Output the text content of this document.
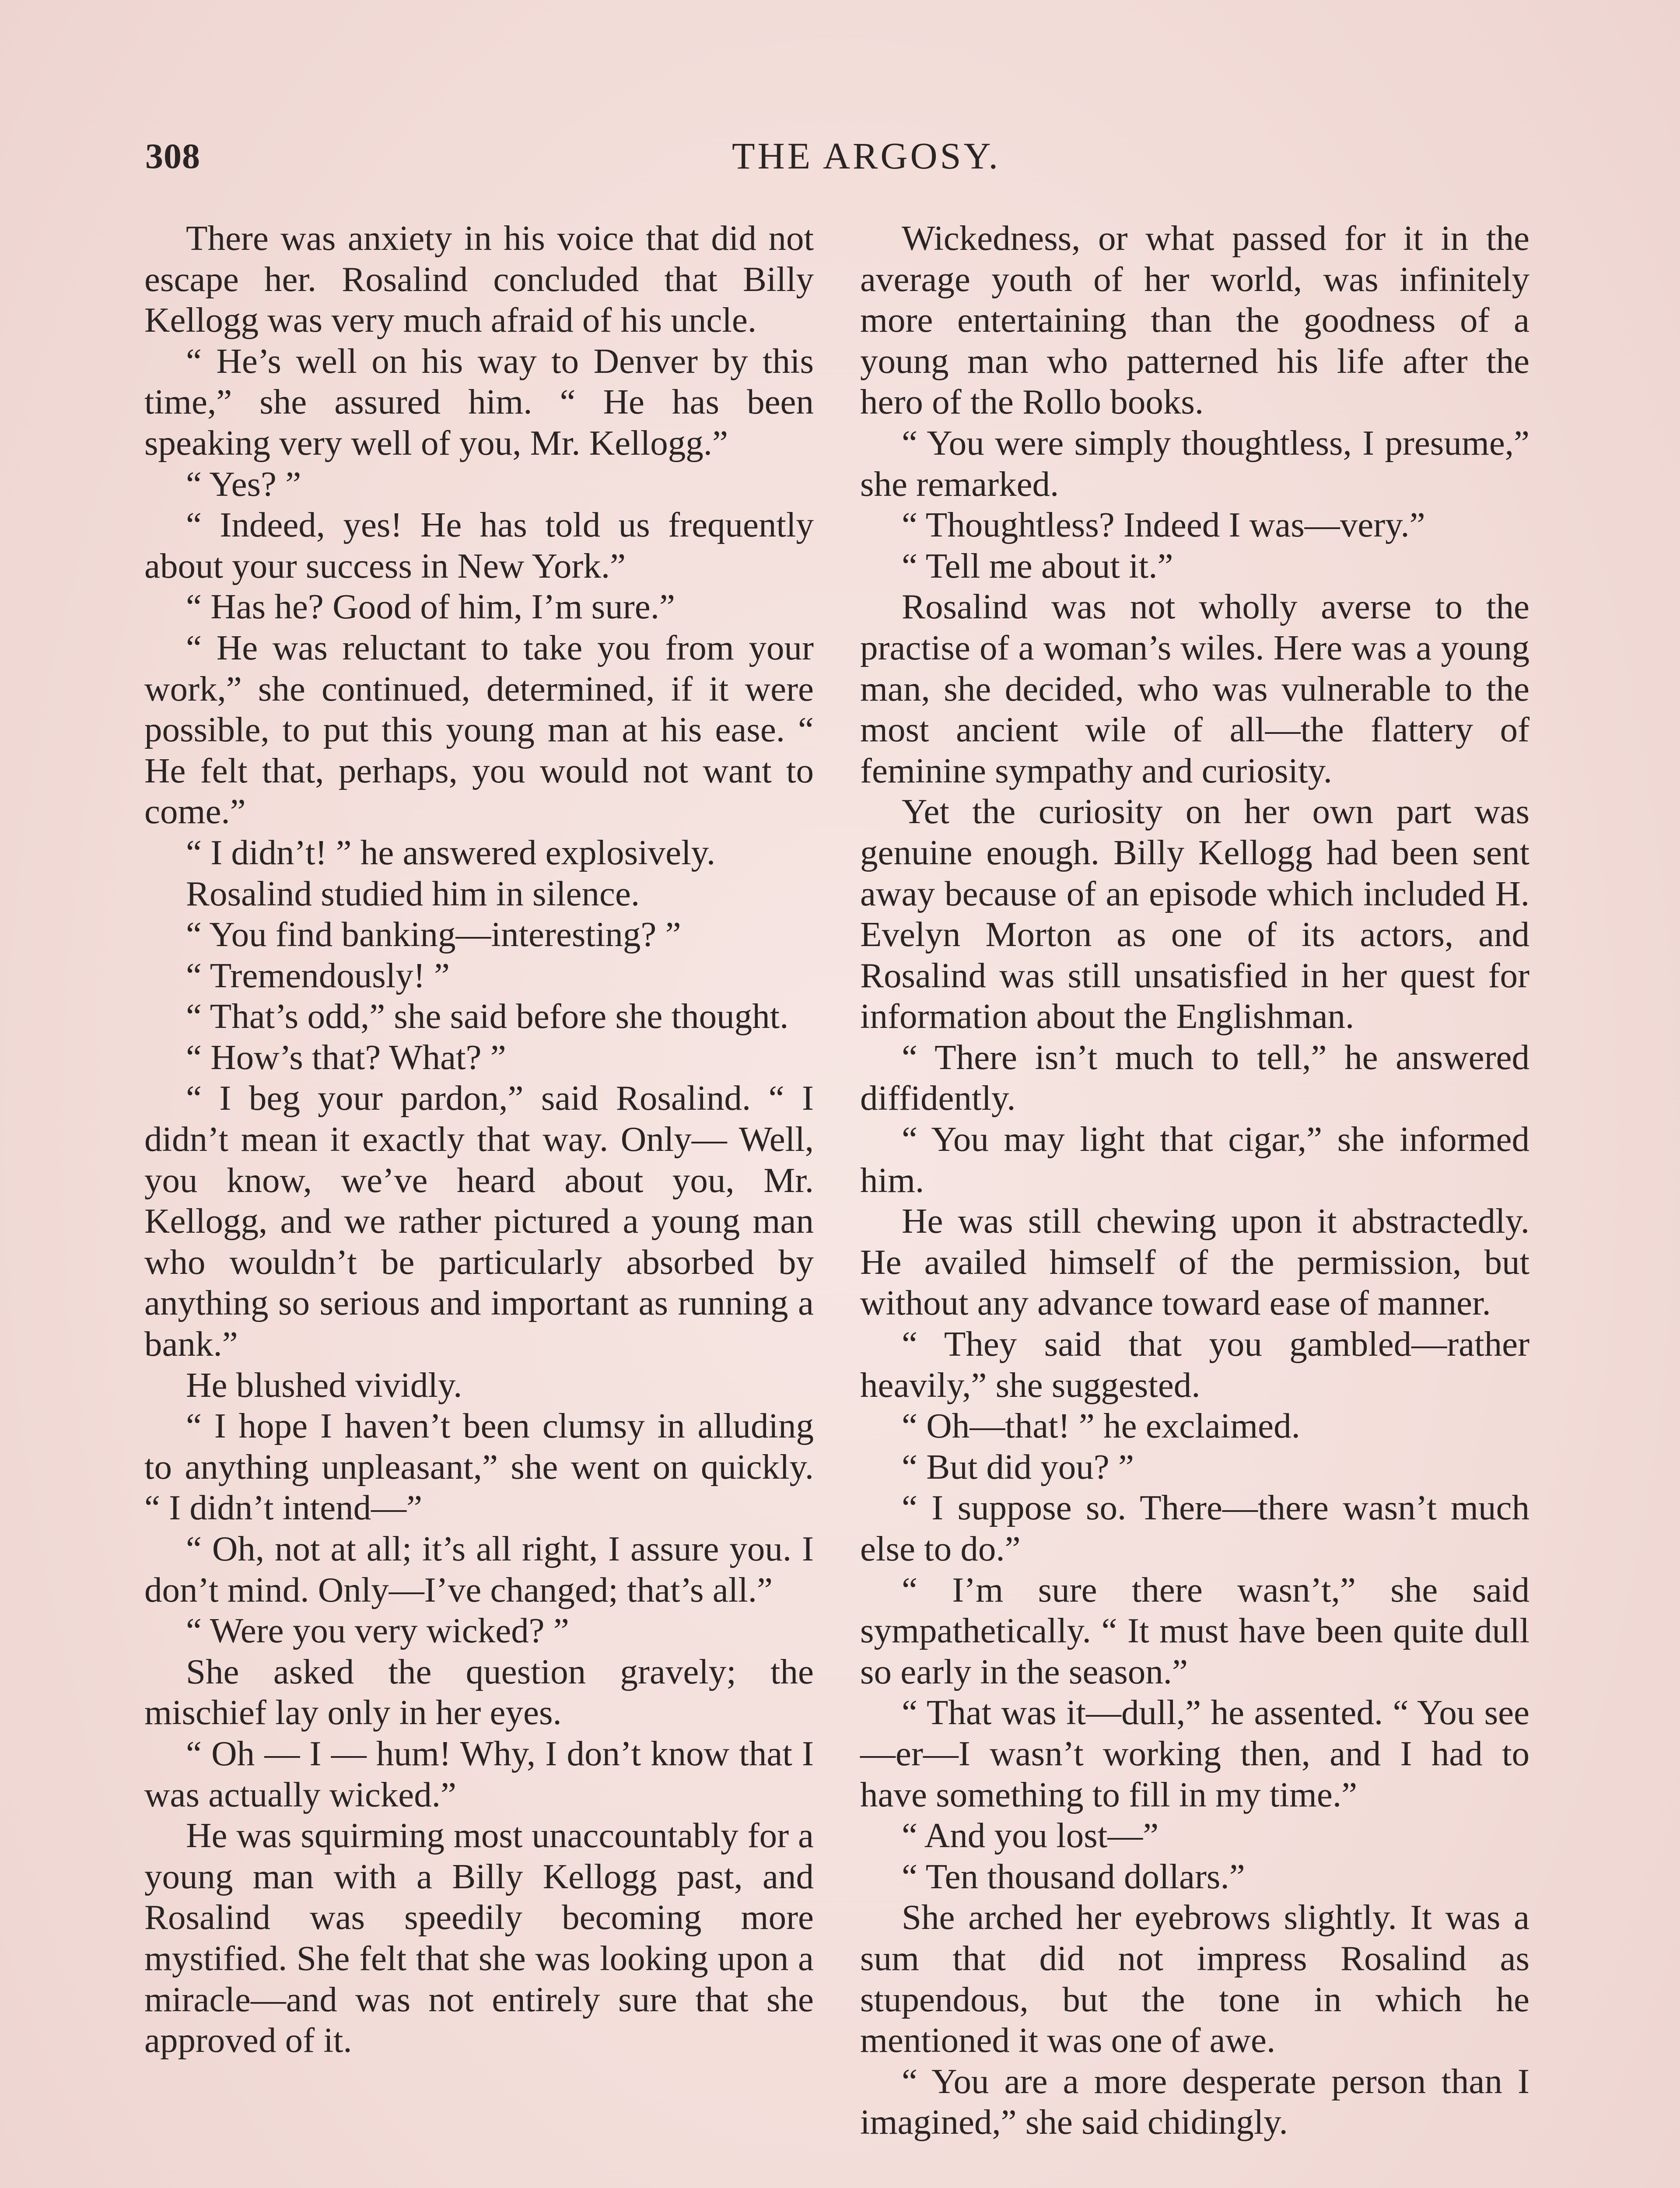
308	THE ARGOSY.

There was anxiety in his voice that did not escape her. Rosalind concluded that Billy Kellogg was very much afraid of his uncle.

“ He’s well on his way to Denver by this time,” she assured him. “ He has been speaking very well of you, Mr. Kellogg.”

“ Yes? ”

“ Indeed, yes! He has told us frequently about your success in New York.”

“ Has he? Good of him, I’m sure.”

“ He was reluctant to take you from your work,” she continued, determined, if it were possible, to put this young man at his ease. “ He felt that, perhaps, you would not want to come.”

“ I didn’t! ” he answered explosively.

Rosalind studied him in silence.

“ You find banking—interesting? ”

“ Tremendously! ”

“ That’s odd,” she said before she thought.

“ How’s that? What? ”

“ I beg your pardon,” said Rosalind. “ I didn’t mean it exactly that way. Only— Well, you know, we’ve heard about you, Mr. Kellogg, and we rather pictured a young man who wouldn’t be particularly absorbed by anything so serious and important as running a bank.”

He blushed vividly.

“ I hope I haven’t been clumsy in alluding to anything unpleasant,” she went on quickly. “ I didn’t intend—”

“ Oh, not at all; it’s all right, I assure you. I don’t mind. Only—I’ve changed; that’s all.”

“ Were you very wicked? ”

She asked the question gravely; the mischief lay only in her eyes.

“ Oh — I — hum! Why, I don’t know that I was actually wicked.”

He was squirming most unaccountably for a young man with a Billy Kellogg past, and Rosalind was speedily becoming more mystified. She felt that she was looking upon a miracle—and was not entirely sure that she approved of it.

Wickedness, or what passed for it in the average youth of her world, was infinitely more entertaining than the goodness of a young man who patterned his life after the hero of the Rollo books.

“ You were simply thoughtless, I presume,” she remarked.

“ Thoughtless? Indeed I was—very.”

“ Tell me about it.”

Rosalind was not wholly averse to the practise of a woman’s wiles. Here was a young man, she decided, who was vulnerable to the most ancient wile of all—the flattery of feminine sympathy and curiosity.

Yet the curiosity on her own part was genuine enough. Billy Kellogg had been sent away because of an episode which included H. Evelyn Morton as one of its actors, and Rosalind was still unsatisfied in her quest for information about the Englishman.

“ There isn’t much to tell,” he answered diffidently.

“ You may light that cigar,” she informed him.

He was still chewing upon it abstractedly. He availed himself of the permission, but without any advance toward ease of manner.

“ They said that you gambled—rather heavily,” she suggested.

“ Oh—that! ” he exclaimed.

“ But did you? ”

“ I suppose so. There—there wasn’t much else to do.”

“ I’m sure there wasn’t,” she said sympathetically. “ It must have been quite dull so early in the season.”

“ That was it—dull,” he assented. “ You see—er—I wasn’t working then, and I had to have something to fill in my time.”

“ And you lost—”

“ Ten thousand dollars.”

She arched her eyebrows slightly. It was a sum that did not impress Rosalind as stupendous, but the tone in which he mentioned it was one of awe.

“ You are a more desperate person than I imagined,” she said chidingly.
